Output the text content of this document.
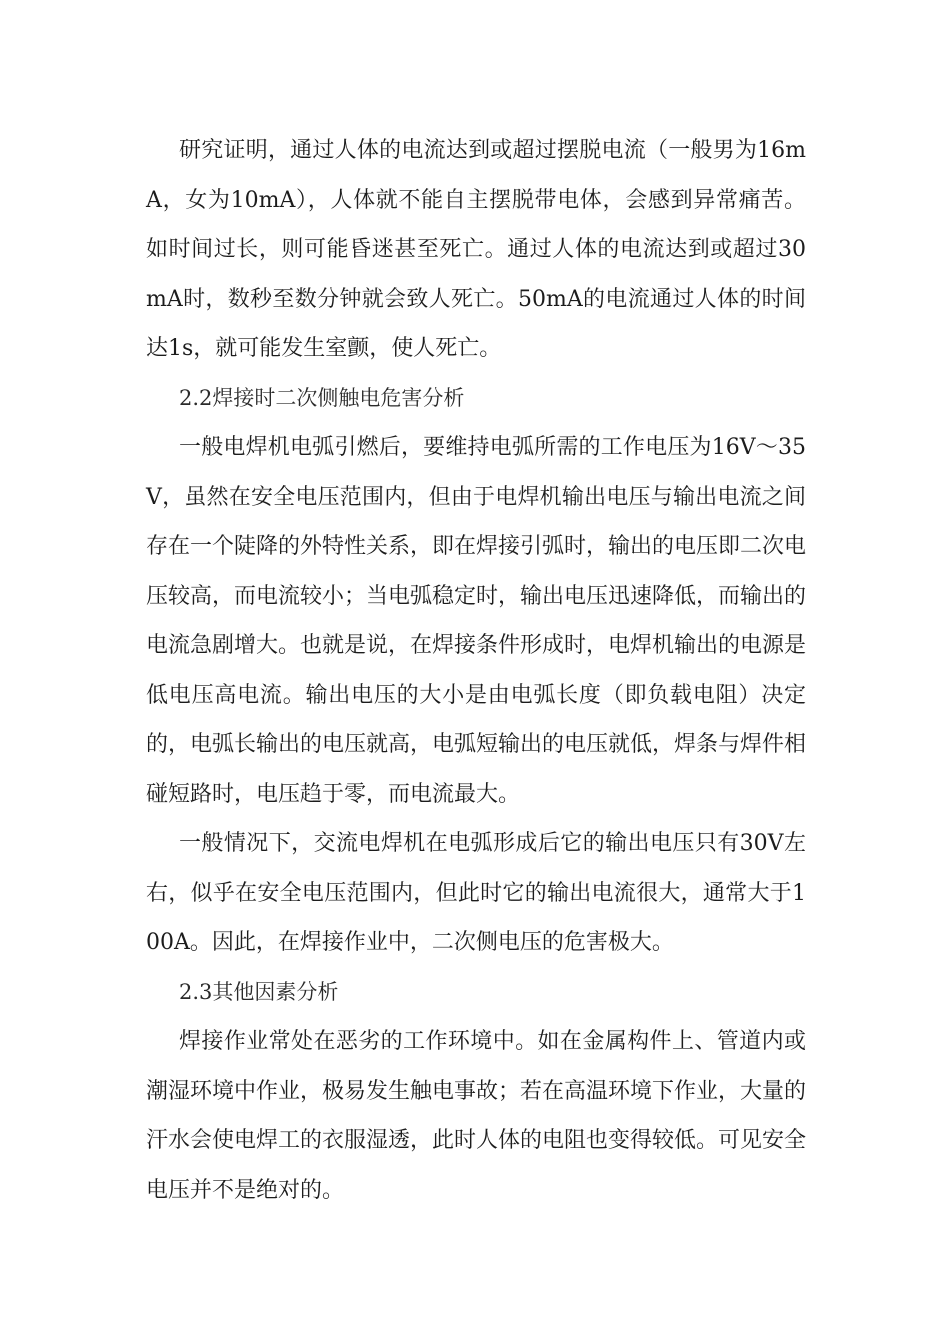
研究证明，通过人体的电流达到或超过摆脱电流（一般男为16mA，女为10mA），人体就不能自主摆脱带电体，会感到异常痛苦。如时间过长，则可能昏迷甚至死亡。通过人体的电流达到或超过30mA时，数秒至数分钟就会致人死亡。50mA的电流通过人体的时间达1s，就可能发生室颤，使人死亡。

2.2焊接时二次侧触电危害分析

一般电焊机电弧引燃后，要维持电弧所需的工作电压为16V～35V，虽然在安全电压范围内，但由于电焊机输出电压与输出电流之间存在一个陡降的外特性关系，即在焊接引弧时，输出的电压即二次电压较高，而电流较小；当电弧稳定时，输出电压迅速降低，而输出的电流急剧增大。也就是说，在焊接条件形成时，电焊机输出的电源是低电压高电流。输出电压的大小是由电弧长度（即负载电阻）决定的，电弧长输出的电压就高，电弧短输出的电压就低，焊条与焊件相碰短路时，电压趋于零，而电流最大。

一般情况下，交流电焊机在电弧形成后它的输出电压只有30V左右，似乎在安全电压范围内，但此时它的输出电流很大，通常大于100A。因此，在焊接作业中，二次侧电压的危害极大。

2.3其他因素分析

焊接作业常处在恶劣的工作环境中。如在金属构件上、管道内或潮湿环境中作业，极易发生触电事故；若在高温环境下作业，大量的汗水会使电焊工的衣服湿透，此时人体的电阻也变得较低。可见安全电压并不是绝对的。
